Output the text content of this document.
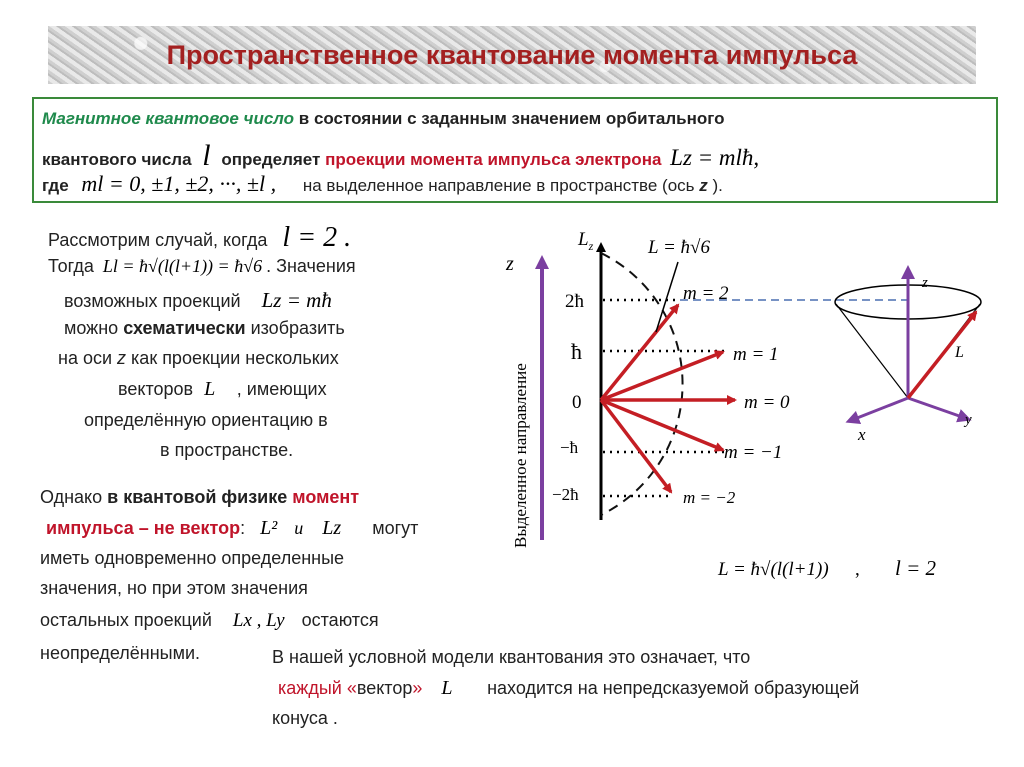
Пространственное квантование момента импульса
Магнитное квантовое число в состоянии с заданным значением орбитального
квантового числа l определяет проекции момента импульса электрона Lz = mlħ,
где ml = 0, ±1, ±2, ···, ±l , на выделенное направление в пространстве (ось z ).
Рассмотрим случай, когда l = 2 .
Тогда Ll = ħ√(l(l+1)) = ħ√6 . Значения
возможных проекций Lz = mħ
можно схематически изобразить
на оси z как проекции нескольких
векторов L⃗ , имеющих
определённую ориентацию в
в пространстве.
Однако в квантовой физике момент
импульса – не вектор: L² и Lz могут
иметь одновременно определенные
значения, но при этом значения
остальных проекций Lx , Ly остаются
неопределёнными.	В нашей условной модели квантования это означает, что
каждый «вектор» L⃗ находится на непредсказуемой образующей
конуса .
z
Выделенное направление
$L_z$
2ħ
ħ
0
−ħ
−2ħ
L = ħ√6
m = 2
m = 1
m = 0
m = −1
m = −2
L = ħ√(l(l+1)) , l = 2
z
L
y
x
